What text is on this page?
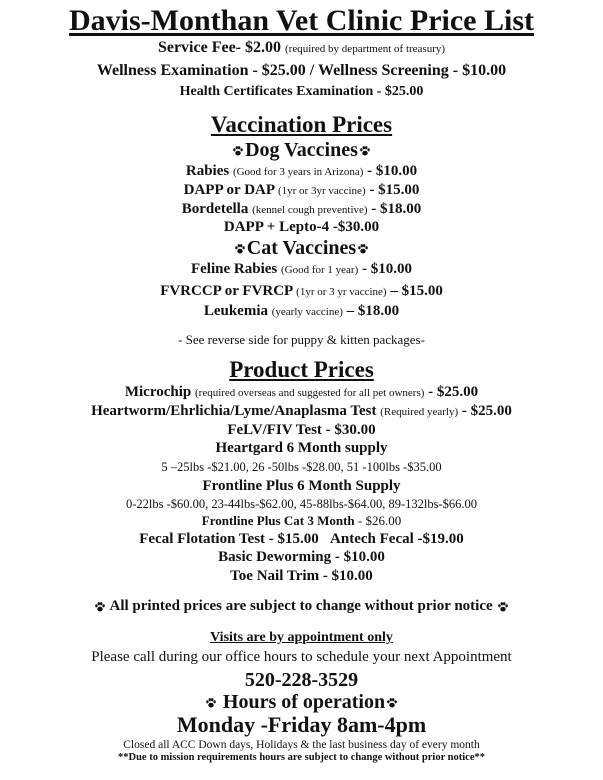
Davis-Monthan Vet Clinic Price List
Service Fee- $2.00 (required by department of treasury)
Wellness Examination - $25.00 / Wellness Screening - $10.00
Health Certificates Examination - $25.00
Vaccination Prices
Dog Vaccines
Rabies (Good for 3 years in Arizona) - $10.00
DAPP or DAP (1yr or 3yr vaccine) - $15.00
Bordetella (kennel cough preventive) - $18.00
DAPP + Lepto-4 -$30.00
Cat Vaccines
Feline Rabies (Good for 1 year) - $10.00
FVRCCP or FVRCP (1yr or 3 yr vaccine) – $15.00
Leukemia (yearly vaccine) – $18.00
- See reverse side for puppy & kitten packages-
Product Prices
Microchip (required overseas and suggested for all pet owners) - $25.00
Heartworm/Ehrlichia/Lyme/Anaplasma Test (Required yearly) - $25.00
FeLV/FIV Test - $30.00
Heartgard 6 Month supply
5 –25lbs -$21.00, 26 -50lbs -$28.00, 51 -100lbs -$35.00
Frontline Plus 6 Month Supply
0-22lbs -$60.00, 23-44lbs-$62.00, 45-88lbs-$64.00, 89-132lbs-$66.00
Frontline Plus Cat 3 Month - $26.00
Fecal Flotation Test - $15.00 Antech Fecal -$19.00
Basic Deworming - $10.00
Toe Nail Trim - $10.00
All printed prices are subject to change without prior notice
Visits are by appointment only
Please call during our office hours to schedule your next Appointment
520-228-3529
Hours of operation
Monday -Friday 8am-4pm
Closed all ACC Down days, Holidays & the last business day of every month
**Due to mission requirements hours are subject to change without prior notice**
